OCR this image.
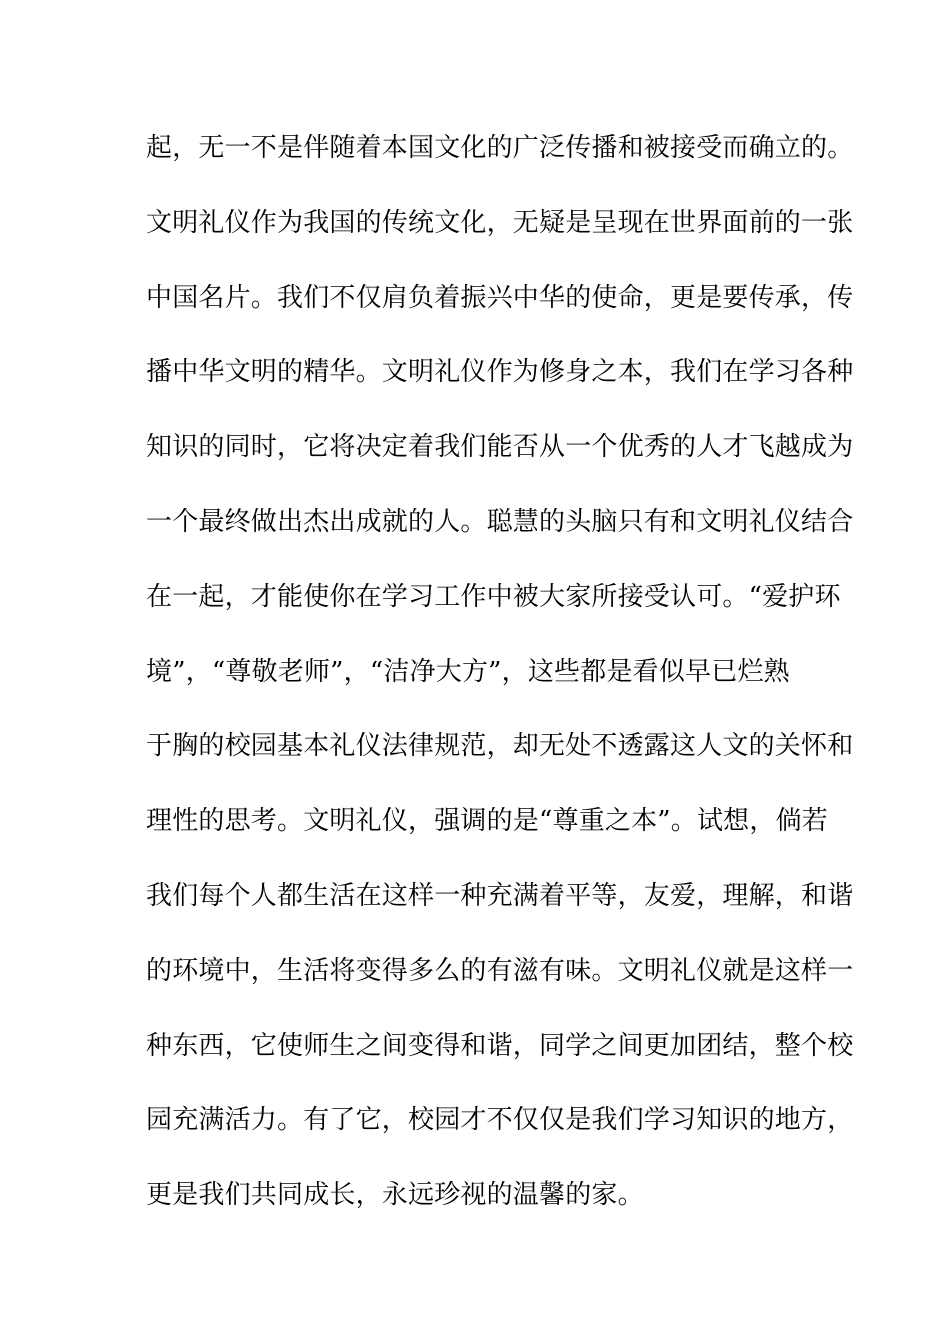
起，无一不是伴随着本国文化的广泛传播和被接受而确立的。
文明礼仪作为我国的传统文化，无疑是呈现在世界面前的一张
中国名片。我们不仅肩负着振兴中华的使命，更是要传承，传
播中华文明的精华。文明礼仪作为修身之本，我们在学习各种
知识的同时，它将决定着我们能否从一个优秀的人才飞越成为
一个最终做出杰出成就的人。聪慧的头脑只有和文明礼仪结合
在一起，才能使你在学习工作中被大家所接受认可。“爱护环
境”，“尊敬老师”，“洁净大方”，这些都是看似早已烂熟
于胸的校园基本礼仪法律规范，却无处不透露这人文的关怀和
理性的思考。文明礼仪，强调的是“尊重之本”。试想，倘若
我们每个人都生活在这样一种充满着平等，友爱，理解，和谐
的环境中，生活将变得多么的有滋有味。文明礼仪就是这样一
种东西，它使师生之间变得和谐，同学之间更加团结，整个校
园充满活力。有了它，校园才不仅仅是我们学习知识的地方，
更是我们共同成长，永远珍视的温馨的家。
